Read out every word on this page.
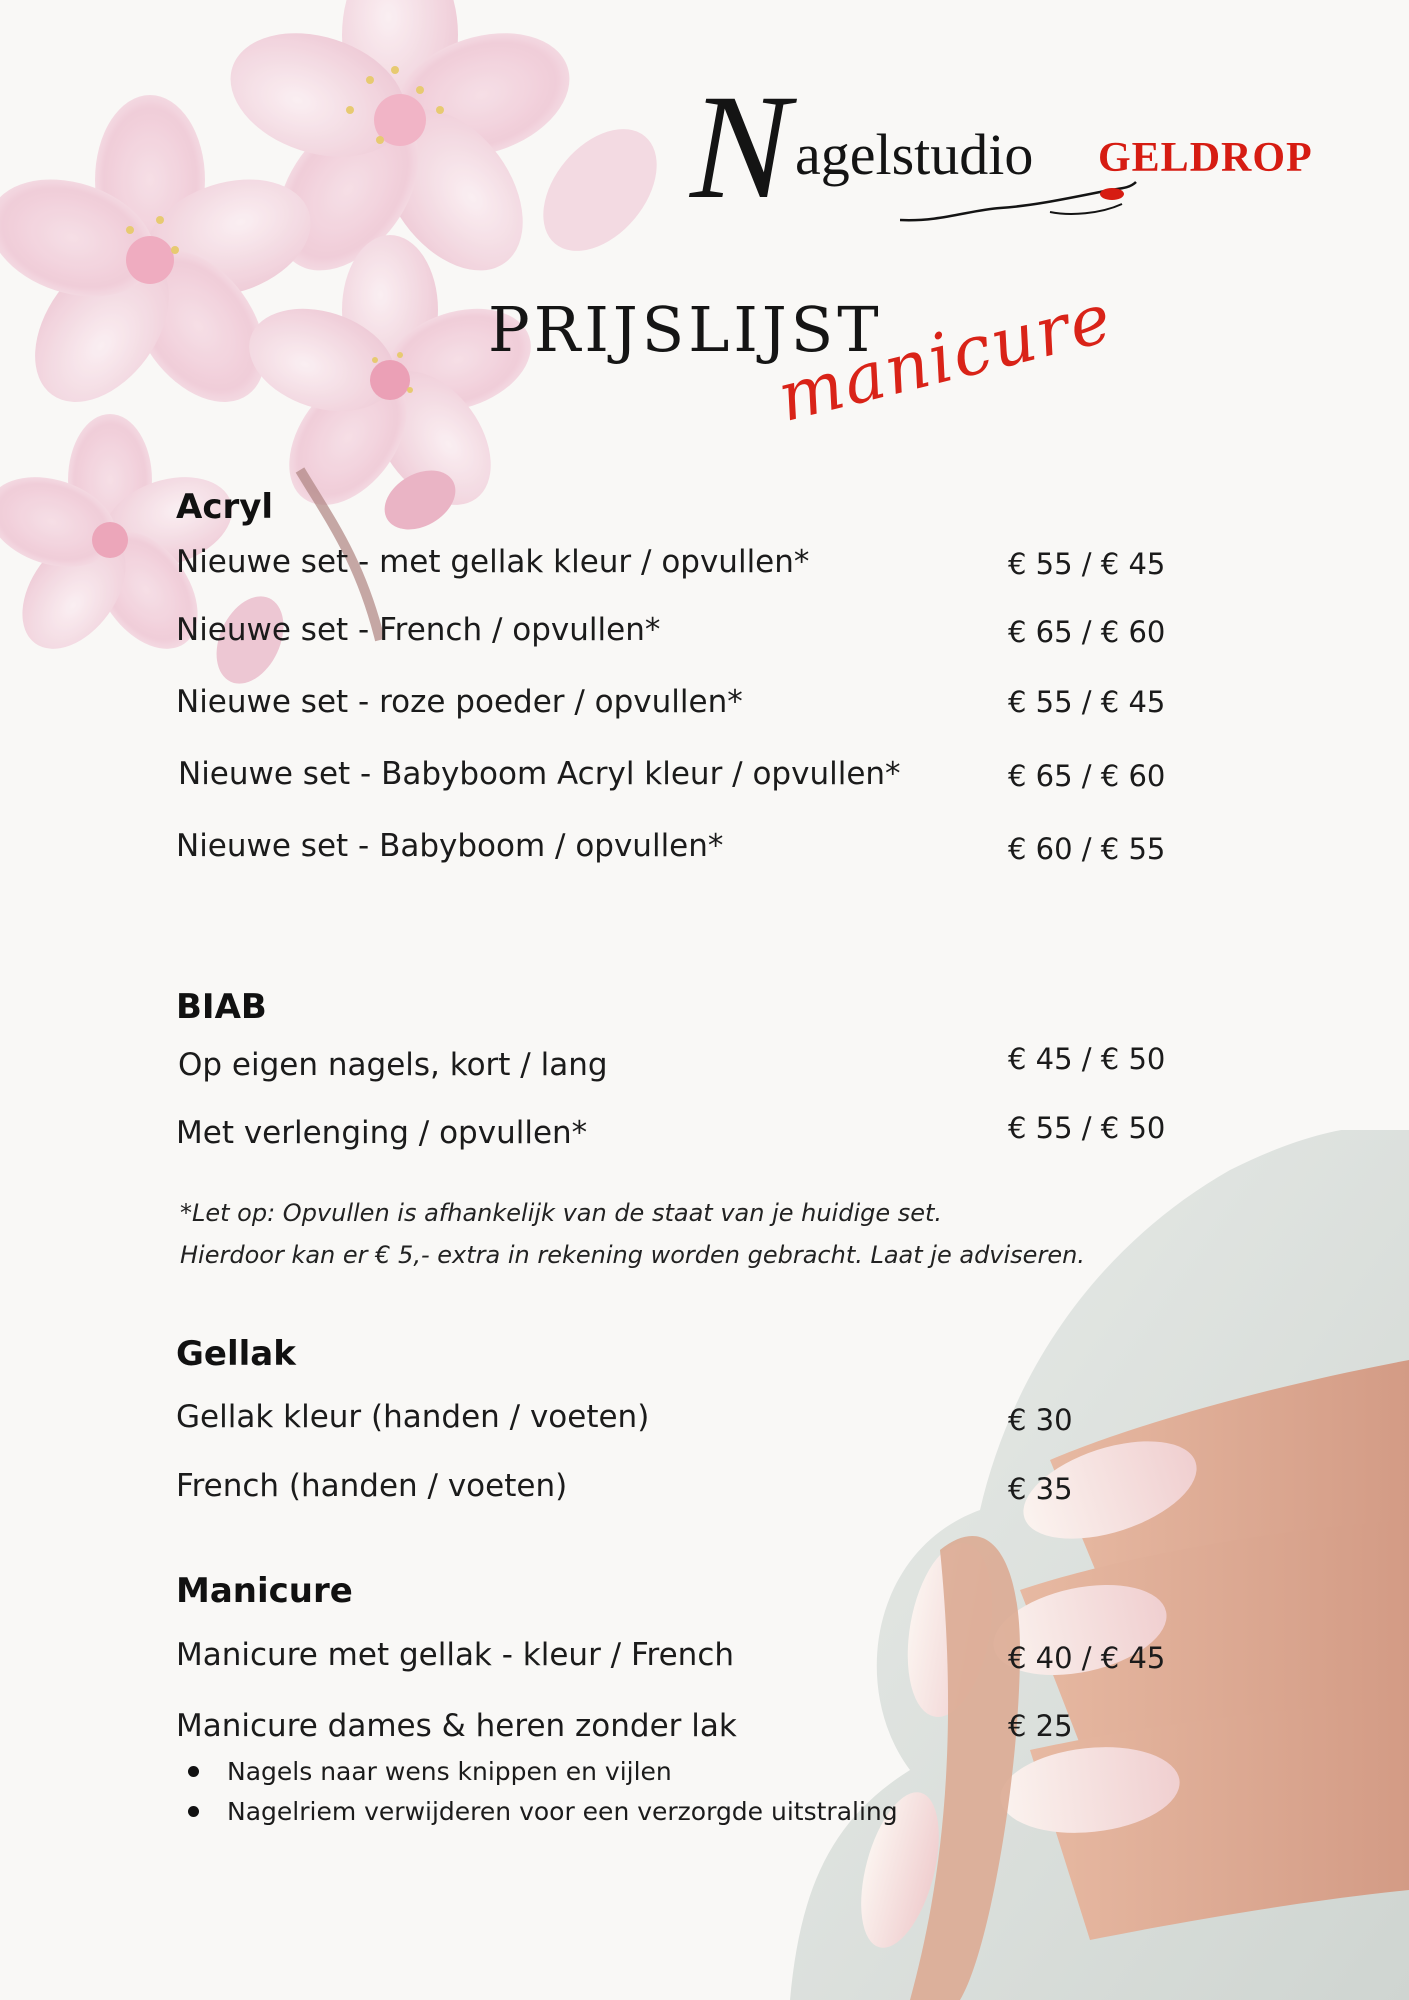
N agelstudio GELDROP
PRIJSLIJST
manicure
Acryl
Nieuwe set - met gellak kleur / opvullen*	€ 55 / € 45
Nieuwe set - French / opvullen*	€ 65 / € 60
Nieuwe set - roze poeder / opvullen*	€ 55 / € 45
Nieuwe set - Babyboom Acryl kleur / opvullen*	€ 65 / € 60
Nieuwe set - Babyboom / opvullen*	€ 60 / € 55
BIAB
Op eigen nagels, kort / lang	€ 45 / € 50
Met verlenging / opvullen*	€ 55 / € 50
*Let op: Opvullen is afhankelijk van de staat van je huidige set.
Hierdoor kan er € 5,- extra in rekening worden gebracht. Laat je adviseren.
Gellak
Gellak kleur (handen / voeten)	€ 30
French (handen / voeten)	€ 35
Manicure
Manicure met gellak - kleur / French	€ 40 / € 45
Manicure dames & heren zonder lak	€ 25
Nagels naar wens knippen en vijlen
Nagelriem verwijderen voor een verzorgde uitstraling
